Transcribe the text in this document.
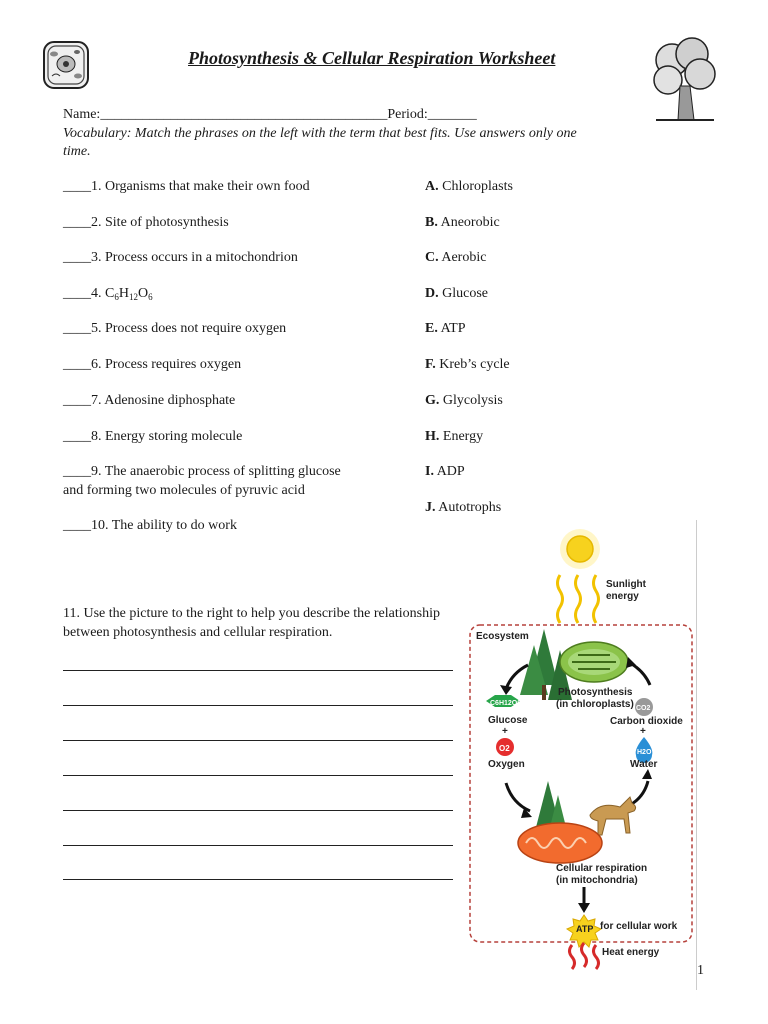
Photosynthesis & Cellular Respiration Worksheet
Name:_________________________________________Period:_______
Vocabulary: Match the phrases on the left with the term that best fits. Use answers only one
time.
____1. Organisms that make their own food
____2. Site of photosynthesis
____3. Process occurs in a mitochondrion
____4. $C_6H_{12}O_6$
____5. Process does not require oxygen
____6. Process requires oxygen
____7. Adenosine diphosphate
____8. Energy storing molecule
____9. The anaerobic process of splitting glucose
and forming two molecules of pyruvic acid
____10. The ability to do work
A. Chloroplasts
B. Aneorobic
C. Aerobic
D. Glucose
E. ATP
F. Kreb’s cycle
G. Glycolysis
H. Energy
I. ADP
J. Autotrophs
11. Use the picture to the right to help you describe the relationship
between photosynthesis and cellular respiration.
Sunlight
energy
Ecosystem
Photosynthesis
(in chloroplasts)
C6H12O6
Glucose
+
O2
Oxygen
CO2
Carbon dioxide
+
H2O
Water
Cellular respiration
(in mitochondria)
ATP for cellular work
Heat energy
1
